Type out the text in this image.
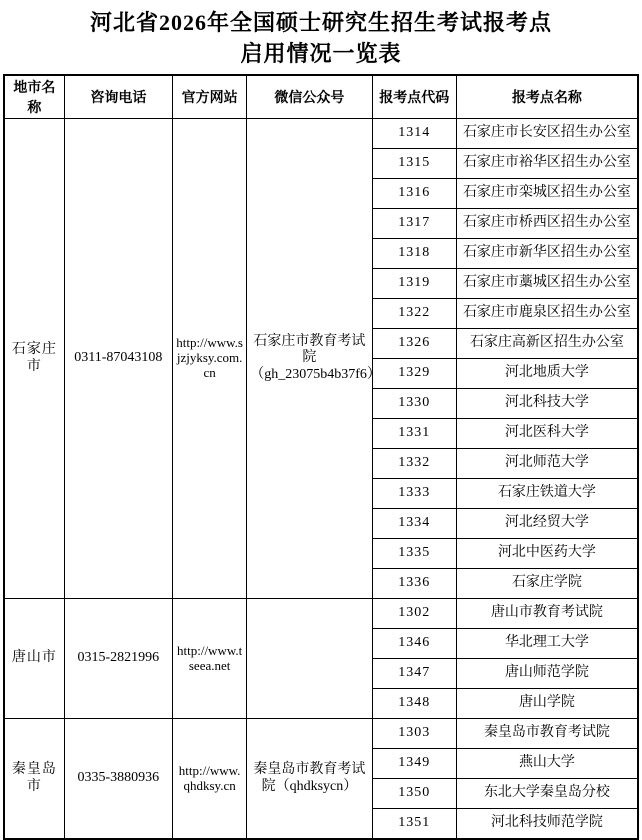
河北省2026年全国硕士研究生招生考试报考点
启用情况一览表
地市名称	咨询电话	官方网站	微信公众号	报考点代码	报考点名称
石家庄市	0311-87043108	http://www.sjzjyksy.com.cn	石家庄市教育考试院（gh_23075b4b37f6）	1314	石家庄市长安区招生办公室
				1315	石家庄市裕华区招生办公室
				1316	石家庄市栾城区招生办公室
				1317	石家庄市桥西区招生办公室
				1318	石家庄市新华区招生办公室
				1319	石家庄市藁城区招生办公室
				1322	石家庄市鹿泉区招生办公室
				1326	石家庄高新区招生办公室
				1329	河北地质大学
				1330	河北科技大学
				1331	河北医科大学
				1332	河北师范大学
				1333	石家庄铁道大学
				1334	河北经贸大学
				1335	河北中医药大学
				1336	石家庄学院
唐山市	0315-2821996	http://www.tseea.net		1302	唐山市教育考试院
				1346	华北理工大学
				1347	唐山师范学院
				1348	唐山学院
秦皇岛市	0335-3880936	http://www.qhdksy.cn	秦皇岛市教育考试院（qhdksycn）	1303	秦皇岛市教育考试院
				1349	燕山大学
				1350	东北大学秦皇岛分校
				1351	河北科技师范学院
